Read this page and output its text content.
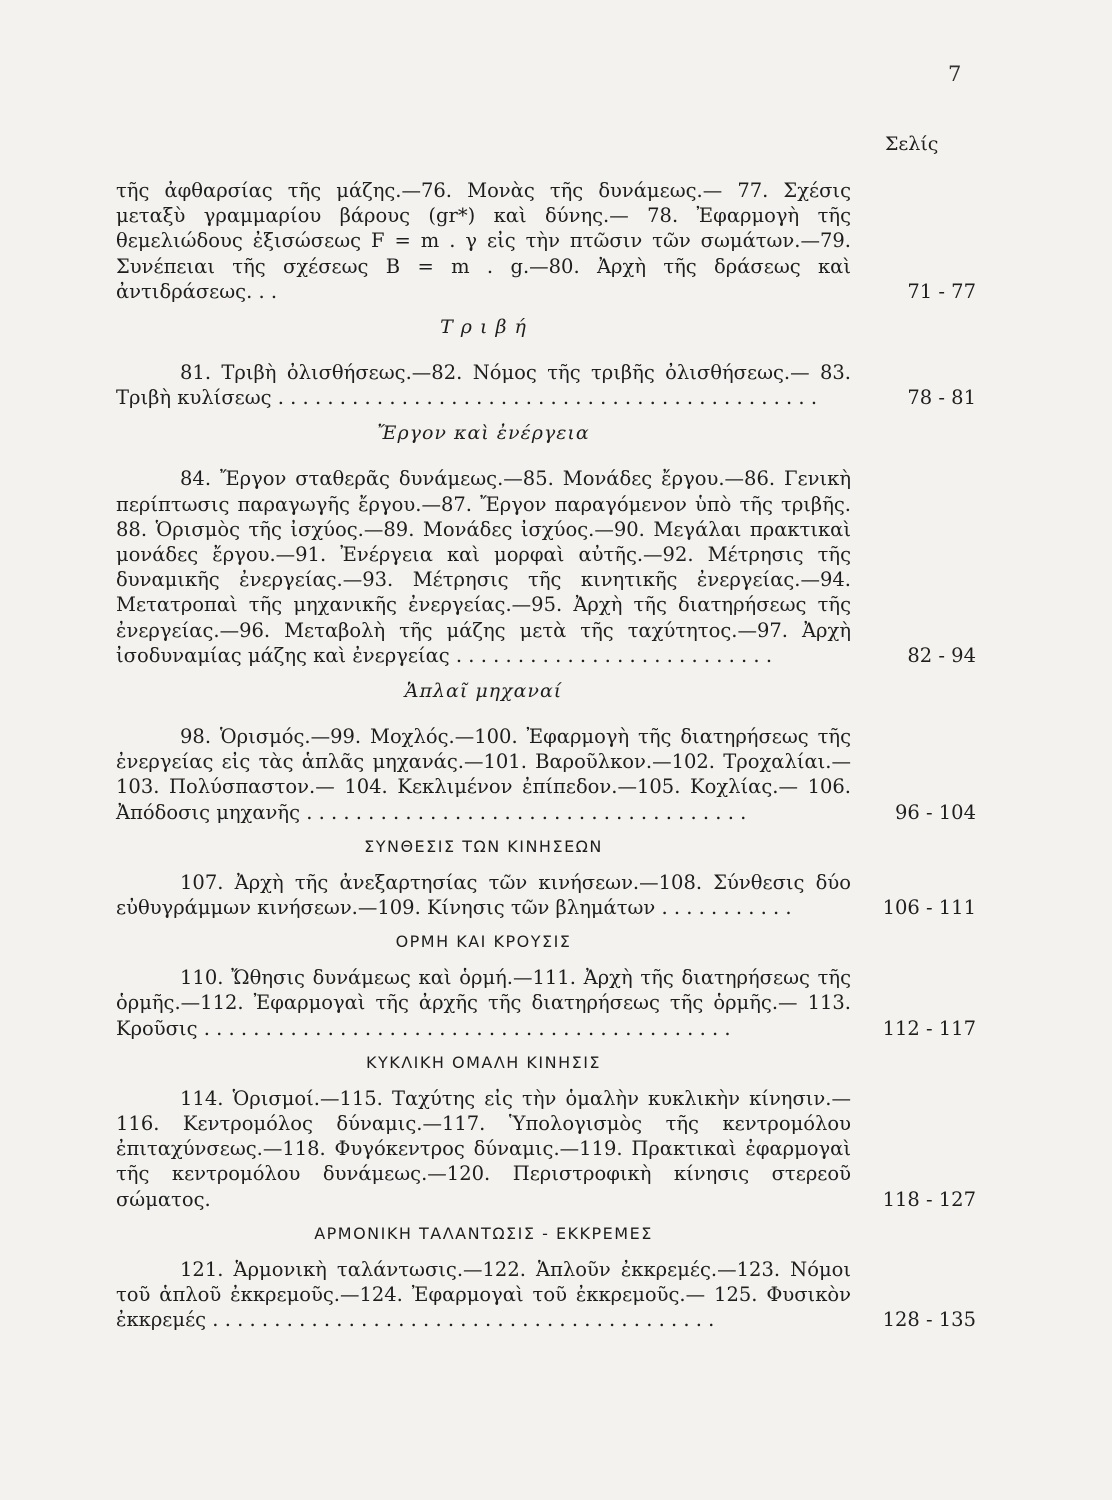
7
Σελίς
τῆς ἀφθαρσίας τῆς μάζης.—76. Μονὰς τῆς δυνάμεως.— 77. Σχέσις μεταξὺ γραμμαρίου βάρους (gr*) καὶ δύνης.— 78. Ἐφαρμογὴ τῆς θεμελιώδους ἐξισώσεως F = m . γ εἰς τὴν πτῶσιν τῶν σωμάτων.—79. Συνέπειαι τῆς σχέσεως B = m . g.—80. Ἀρχὴ τῆς δράσεως καὶ ἀντιδράσεως. . .	71 - 77
Τ ρ ι β ή
81. Τριβὴ ὀλισθήσεως.—82. Νόμος τῆς τριβῆς ὀλισθήσεως.— 83. Τριβὴ κυλίσεως . . . . . . . . . . . . . . . . . . . . . . . . . . . . . . . . . . . . . . . . . . . .	78 - 81
Ἔργον καὶ ἐνέργεια
84. Ἔργον σταθερᾶς δυνάμεως.—85. Μονάδες ἔργου.—86. Γενικὴ περίπτωσις παραγωγῆς ἔργου.—87. Ἔργον παραγόμενον ὑπὸ τῆς τριβῆς. 88. Ὁρισμὸς τῆς ἰσχύος.—89. Μονάδες ἰσχύος.—90. Μεγάλαι πρακτικαὶ μονάδες ἔργου.—91. Ἐνέργεια καὶ μορφαὶ αὐτῆς.—92. Μέτρησις τῆς δυναμικῆς ἐνεργείας.—93. Μέτρησις τῆς κινητικῆς ἐνεργείας.—94. Μετατροπαὶ τῆς μηχανικῆς ἐνεργείας.—95. Ἀρχὴ τῆς διατηρήσεως τῆς ἐνεργείας.—96. Μεταβολὴ τῆς μάζης μετὰ τῆς ταχύτητος.—97. Ἀρχὴ ἰσοδυναμίας μάζης καὶ ἐνεργείας . . . . . . . . . . . . . . . . . . . . . . . . . .	82 - 94
Ἁπλαῖ μηχαναί
98. Ὁρισμός.—99. Μοχλός.—100. Ἐφαρμογὴ τῆς διατηρήσεως τῆς ἐνεργείας εἰς τὰς ἁπλᾶς μηχανάς.—101. Βαροῦλκον.—102. Τροχαλίαι.— 103. Πολύσπαστον.— 104. Κεκλιμένον ἐπίπεδον.—105. Κοχλίας.— 106. Ἀπόδοσις μηχανῆς . . . . . . . . . . . . . . . . . . . . . . . . . . . . . . . . . . . .	96 - 104
ΣΥΝΘΕΣΙΣ ΤΩΝ ΚΙΝΗΣΕΩΝ
107. Ἀρχὴ τῆς ἀνεξαρτησίας τῶν κινήσεων.—108. Σύνθεσις δύο εὐθυγράμμων κινήσεων.—109. Κίνησις τῶν βλημάτων . . . . . . . . . . .	106 - 111
ΟΡΜΗ ΚΑΙ ΚΡΟΥΣΙΣ
110. Ὤθησις δυνάμεως καὶ ὁρμή.—111. Ἀρχὴ τῆς διατηρήσεως τῆς ὁρμῆς.—112. Ἐφαρμογαὶ τῆς ἀρχῆς τῆς διατηρήσεως τῆς ὁρμῆς.— 113. Κροῦσις . . . . . . . . . . . . . . . . . . . . . . . . . . . . . . . . . . . . . . . . . . .	112 - 117
ΚΥΚΛΙΚΗ ΟΜΑΛΗ ΚΙΝΗΣΙΣ
114. Ὁρισμοί.—115. Ταχύτης εἰς τὴν ὁμαλὴν κυκλικὴν κίνησιν.— 116. Κεντρομόλος δύναμις.—117. Ὑπολογισμὸς τῆς κεντρομόλου ἐπιταχύνσεως.—118. Φυγόκεντρος δύναμις.—119. Πρακτικαὶ ἐφαρμογαὶ τῆς κεντρομόλου δυνάμεως.—120. Περιστροφικὴ κίνησις στερεοῦ σώματος.	118 - 127
ΑΡΜΟΝΙΚΗ ΤΑΛΑΝΤΩΣΙΣ - ΕΚΚΡΕΜΕΣ
121. Ἁρμονικὴ ταλάντωσις.—122. Ἁπλοῦν ἐκκρεμές.—123. Νόμοι τοῦ ἁπλοῦ ἐκκρεμοῦς.—124. Ἐφαρμογαὶ τοῦ ἐκκρεμοῦς.— 125. Φυσικὸν ἐκκρεμές . . . . . . . . . . . . . . . . . . . . . . . . . . . . . . . . . . . . . . . . .	128 - 135
